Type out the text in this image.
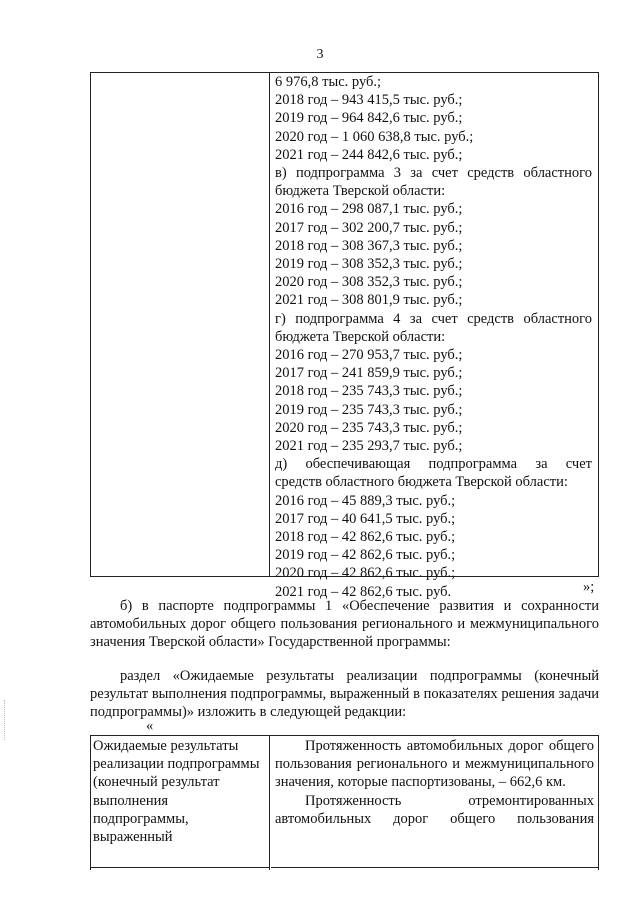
3
6 976,8 тыс. руб.;
2018 год – 943 415,5 тыс. руб.;
2019 год – 964 842,6 тыс. руб.;
2020 год – 1 060 638,8 тыс. руб.;
2021 год – 244 842,6 тыс. руб.;
в) подпрограмма 3 за счет средств областного
бюджета Тверской области:
2016 год – 298 087,1 тыс. руб.;
2017 год – 302 200,7 тыс. руб.;
2018 год – 308 367,3 тыс. руб.;
2019 год – 308 352,3 тыс. руб.;
2020 год – 308 352,3 тыс. руб.;
2021 год – 308 801,9 тыс. руб.;
г) подпрограмма 4 за счет средств областного
бюджета Тверской области:
2016 год – 270 953,7 тыс. руб.;
2017 год – 241 859,9 тыс. руб.;
2018 год – 235 743,3 тыс. руб.;
2019 год – 235 743,3 тыс. руб.;
2020 год – 235 743,3 тыс. руб.;
2021 год – 235 293,7 тыс. руб.;
д) обеспечивающая подпрограмма за счет
средств областного бюджета Тверской области:
2016 год – 45 889,3 тыс. руб.;
2017 год – 40 641,5 тыс. руб.;
2018 год – 42 862,6 тыс. руб.;
2019 год – 42 862,6 тыс. руб.;
2020 год – 42 862,6 тыс. руб.;
2021 год – 42 862,6 тыс. руб.	»;
б) в паспорте подпрограммы 1 «Обеспечение развития и сохранности автомобильных дорог общего пользования регионального и межмуниципального значения Тверской области» Государственной программы:
раздел «Ожидаемые результаты реализации подпрограммы (конечный результат выполнения подпрограммы, выраженный в показателях решения задачи подпрограммы)» изложить в следующей редакции:
«
Ожидаемые результаты
реализации подпрограммы
(конечный результат
выполнения
подпрограммы,
выраженный
Протяженность автомобильных дорог общего пользования регионального и межмуниципального значения, которые паспортизованы, – 662,6 км.
Протяженность отремонтированных автомобильных дорог общего пользования
